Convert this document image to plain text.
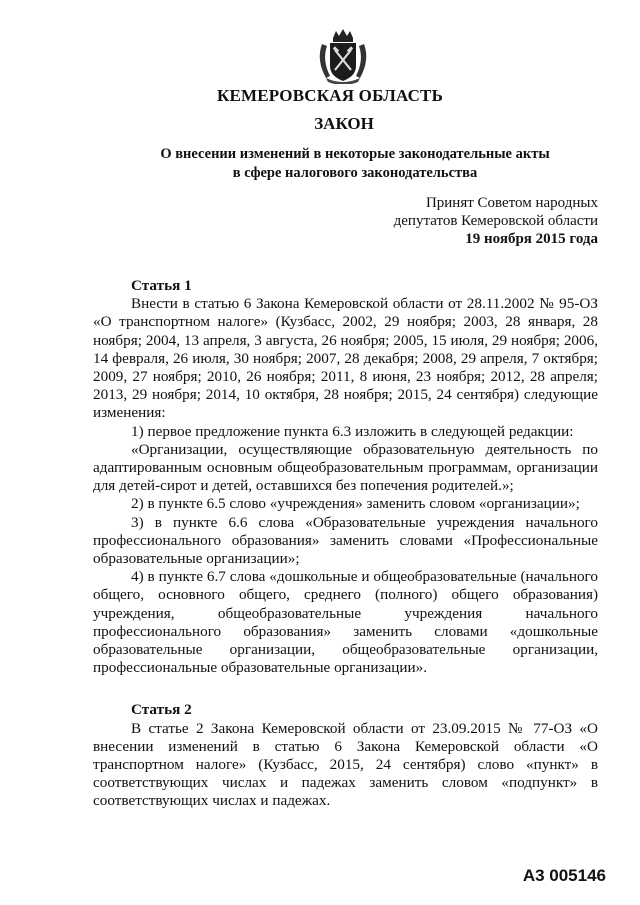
КЕМЕРОВСКАЯ ОБЛАСТЬ
ЗАКОН
О внесении изменений в некоторые законодательные акты
в сфере налогового законодательства
Принят Советом народных
депутатов Кемеровской области
19 ноября 2015 года

Статья 1

Внести в статью 6 Закона Кемеровской области от 28.11.2002 № 95-ОЗ «О транспортном налоге» (Кузбасс, 2002, 29 ноября; 2003, 28 января, 28 ноября; 2004, 13 апреля, 3 августа, 26 ноября; 2005, 15 июля, 29 ноября; 2006, 14 февраля, 26 июля, 30 ноября; 2007, 28 декабря; 2008, 29 апреля, 7 октября; 2009, 27 ноября; 2010, 26 ноября; 2011, 8 июня, 23 ноября; 2012, 28 апреля; 2013, 29 ноября; 2014, 10 октября, 28 ноября; 2015, 24 сентября) следующие изменения:

1) первое предложение пункта 6.3 изложить в следующей редакции:

«Организации, осуществляющие образовательную деятельность по адаптированным основным общеобразовательным программам, организации для детей-сирот и детей, оставшихся без попечения родителей.»;

2) в пункте 6.5 слово «учреждения» заменить словом «организации»;

3) в пункте 6.6 слова «Образовательные учреждения начального профессионального образования» заменить словами «Профессиональные образовательные организации»;

4) в пункте 6.7 слова «дошкольные и общеобразовательные (начального общего, основного общего, среднего (полного) общего образования) учреждения, общеобразовательные учреждения начального профессионального образования» заменить словами «дошкольные образовательные организации, общеобразовательные организации, профессиональные образовательные организации».

Статья 2

В статье 2 Закона Кемеровской области от 23.09.2015 № 77-ОЗ «О внесении изменений в статью 6 Закона Кемеровской области «О транспортном налоге» (Кузбасс, 2015, 24 сентября) слово «пункт» в соответствующих числах и падежах заменить словом «подпункт» в соответствующих числах и падежах.

А3 005146
